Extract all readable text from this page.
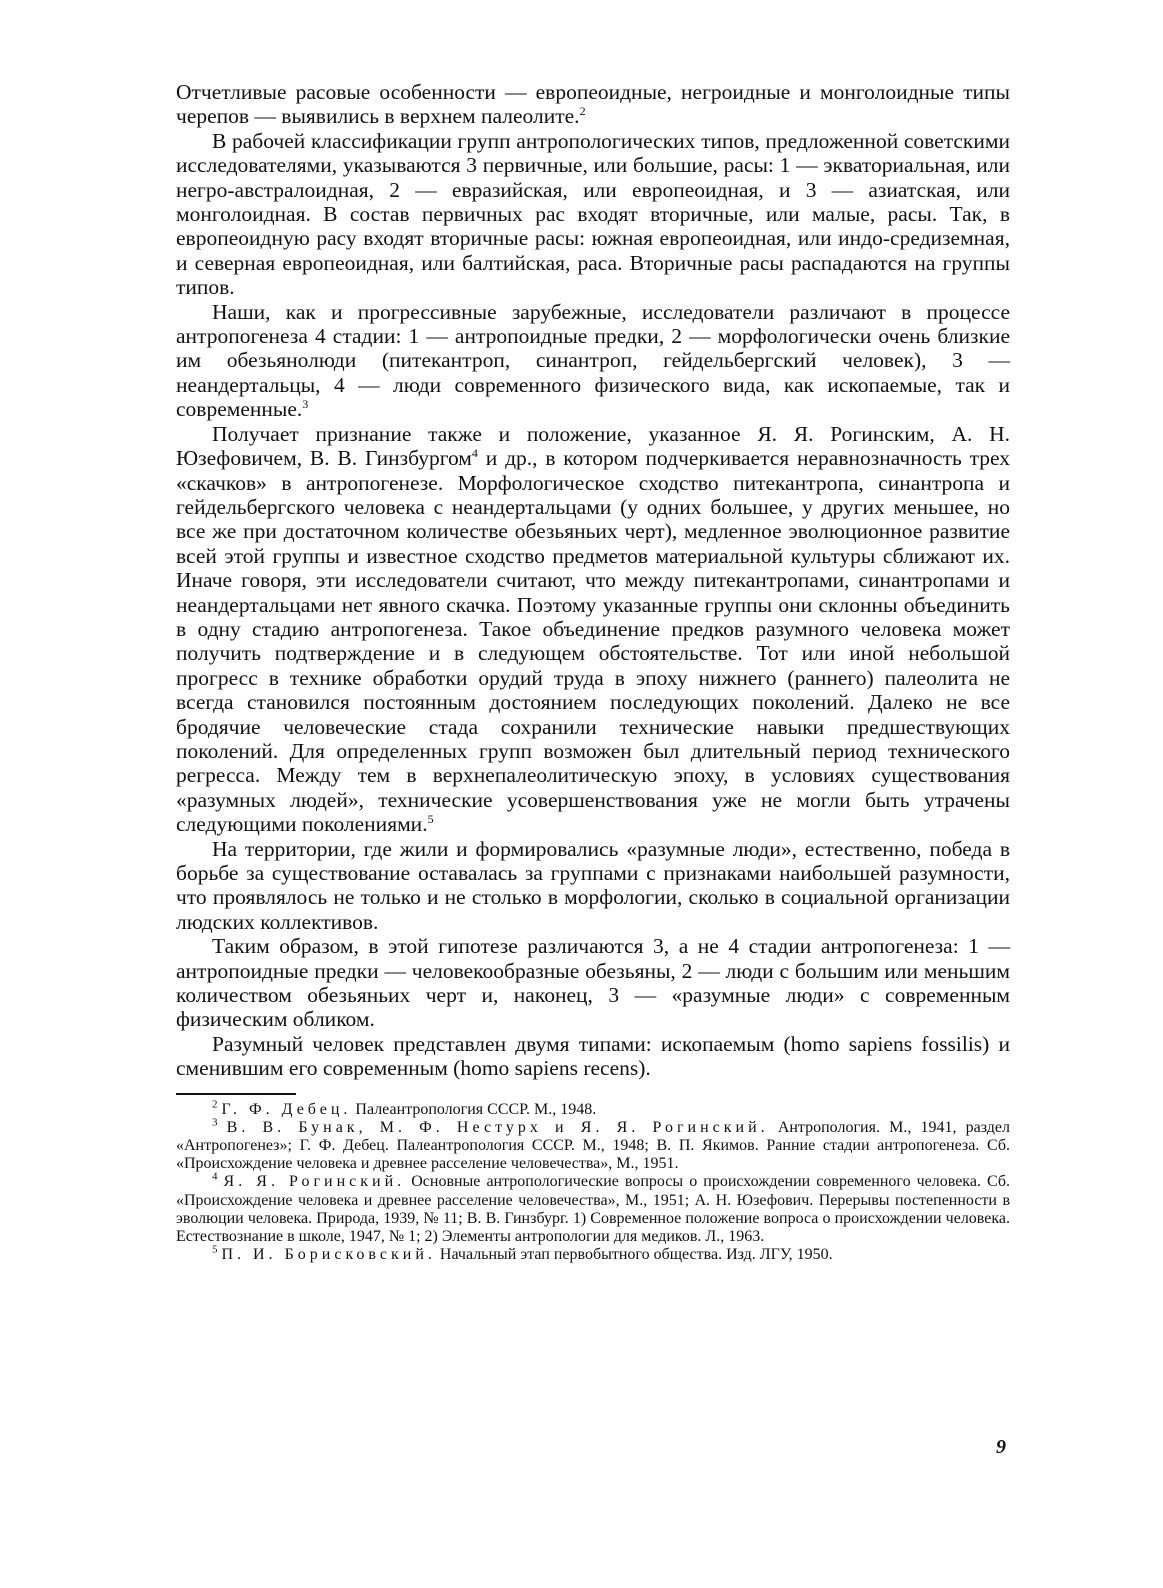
Отчетливые расовые особенности — европеоидные, негроидные и монголоидные типы черепов — выявились в верхнем палеолите.$^2$

В рабочей классификации групп антропологических типов, предложенной советскими исследователями, указываются 3 первичные, или большие, расы: 1 — экваториальная, или негро-австралоидная, 2 — евразийская, или европеоидная, и 3 — азиатская, или монголоидная. В состав первичных рас входят вторичные, или малые, расы. Так, в европеоидную расу входят вторичные расы: южная европеоидная, или индо-средиземная, и северная европеоидная, или балтийская, раса. Вторичные расы распадаются на группы типов.

Наши, как и прогрессивные зарубежные, исследователи различают в процессе антропогенеза 4 стадии: 1 — антропоидные предки, 2 — морфологически очень близкие им обезьянолюди (питекантроп, синантроп, гейдельбергский человек), 3 — неандертальцы, 4 — люди современного физического вида, как ископаемые, так и современные.$^3$

Получает признание также и положение, указанное Я. Я. Рогинским, А. Н. Юзефовичем, В. В. Гинзбургом$^4$ и др., в котором подчеркивается неравнозначность трех «скачков» в антропогенезе. Морфологическое сходство питекантропа, синантропа и гейдельбергского человека с неандертальцами (у одних большее, у других меньшее, но все же при достаточном количестве обезьяньих черт), медленное эволюционное развитие всей этой группы и известное сходство предметов материальной культуры сближают их. Иначе говоря, эти исследователи считают, что между питекантропами, синантропами и неандертальцами нет явного скачка. Поэтому указанные группы они склонны объединить в одну стадию антропогенеза. Такое объединение предков разумного человека может получить подтверждение и в следующем обстоятельстве. Тот или иной небольшой прогресс в технике обработки орудий труда в эпоху нижнего (раннего) палеолита не всегда становился постоянным достоянием последующих поколений. Далеко не все бродячие человеческие стада сохранили технические навыки предшествующих поколений. Для определенных групп возможен был длительный период технического регресса. Между тем в верхнепалеолитическую эпоху, в условиях существования «разумных людей», технические усовершенствования уже не могли быть утрачены следующими поколениями.$^5$

На территории, где жили и формировались «разумные люди», естественно, победа в борьбе за существование оставалась за группами с признаками наибольшей разумности, что проявлялось не только и не столько в морфологии, сколько в социальной организации людских коллективов.

Таким образом, в этой гипотезе различаются 3, а не 4 стадии антропогенеза: 1 — антропоидные предки — человекообразные обезьяны, 2 — люди с большим или меньшим количеством обезьяньих черт и, наконец, 3 — «разумные люди» с современным физическим обликом.

Разумный человек представлен двумя типами: ископаемым (homo sapiens fossilis) и сменившим его современным (homo sapiens recens).

$^2$ Г. Ф. Дебец. Палеантропология СССР. М., 1948.

$^3$ В. В. Бунак, М. Ф. Нестурх и Я. Я. Рогинский. Антропология. М., 1941, раздел «Антропогенез»; Г. Ф. Дебец. Палеантропология СССР. М., 1948; В. П. Якимов. Ранние стадии антропогенеза. Сб. «Происхождение человека и древнее расселение человечества», М., 1951.

$^4$ Я. Я. Рогинский. Основные антропологические вопросы о происхождении современного человека. Сб. «Происхождение человека и древнее расселение человечества», М., 1951; А. Н. Юзефович. Перерывы постепенности в эволюции человека. Природа, 1939, № 11; В. В. Гинзбург. 1) Современное положение вопроса о происхождении человека. Естествознание в школе, 1947, № 1; 2) Элементы антропологии для медиков. Л., 1963.

$^5$ П. И. Борисковский. Начальный этап первобытного общества. Изд. ЛГУ, 1950.

9
